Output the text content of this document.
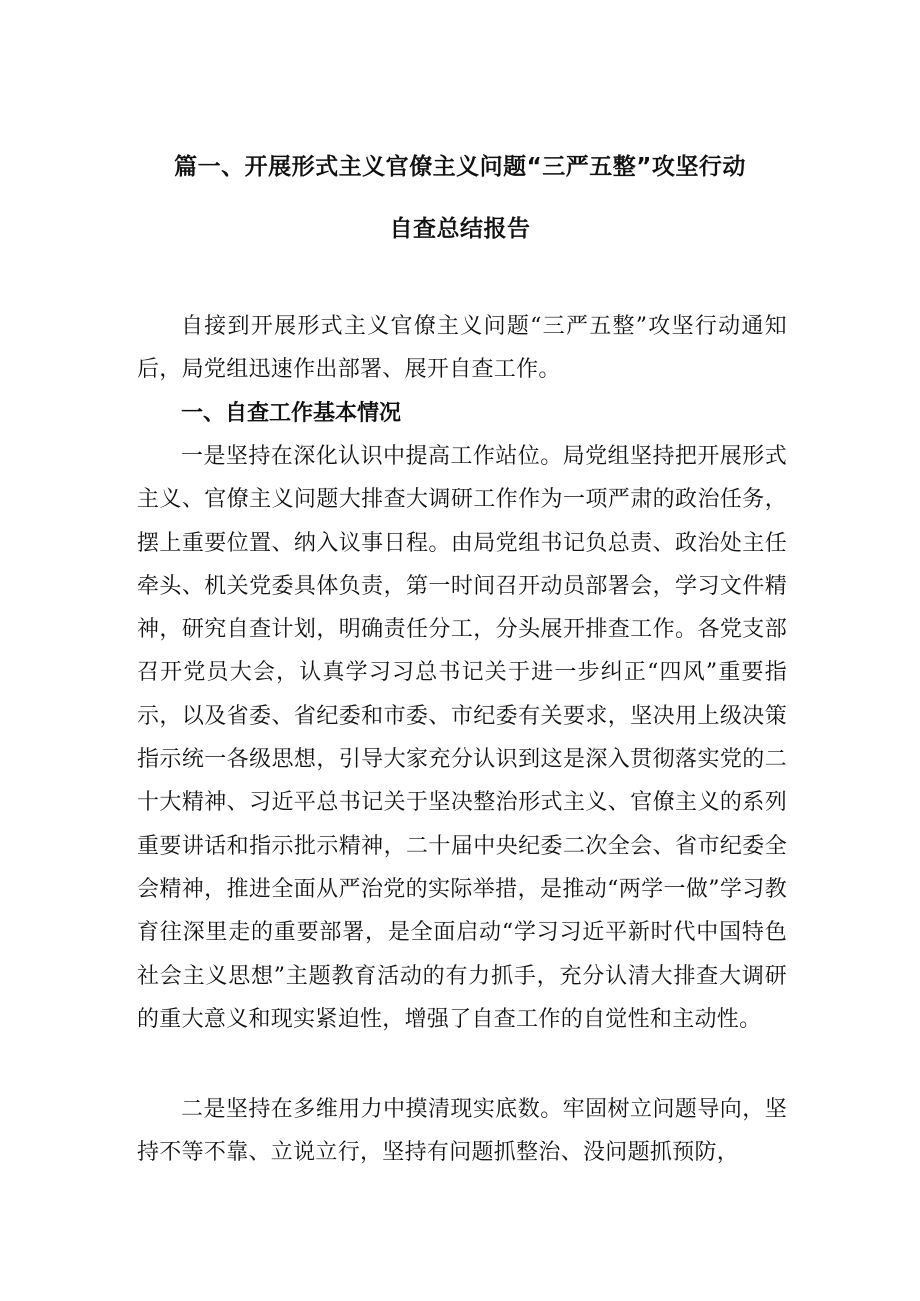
篇一、开展形式主义官僚主义问题“三严五整”攻坚行动
自查总结报告

自接到开展形式主义官僚主义问题“三严五整”攻坚行动通知后，局党组迅速作出部署、展开自查工作。

一、自查工作基本情况

一是坚持在深化认识中提高工作站位。局党组坚持把开展形式主义、官僚主义问题大排查大调研工作作为一项严肃的政治任务，摆上重要位置、纳入议事日程。由局党组书记负总责、政治处主任牵头、机关党委具体负责，第一时间召开动员部署会，学习文件精神，研究自查计划，明确责任分工，分头展开排查工作。各党支部召开党员大会，认真学习习总书记关于进一步纠正“四风”重要指示，以及省委、省纪委和市委、市纪委有关要求，坚决用上级决策指示统一各级思想，引导大家充分认识到这是深入贯彻落实党的二十大精神、习近平总书记关于坚决整治形式主义、官僚主义的系列重要讲话和指示批示精神，二十届中央纪委二次全会、省市纪委全会精神，推进全面从严治党的实际举措，是推动“两学一做”学习教育往深里走的重要部署，是全面启动“学习习近平新时代中国特色社会主义思想”主题教育活动的有力抓手，充分认清大排查大调研的重大意义和现实紧迫性，增强了自查工作的自觉性和主动性。

二是坚持在多维用力中摸清现实底数。牢固树立问题导向，坚持不等不靠、立说立行，坚持有问题抓整治、没问题抓预防，
